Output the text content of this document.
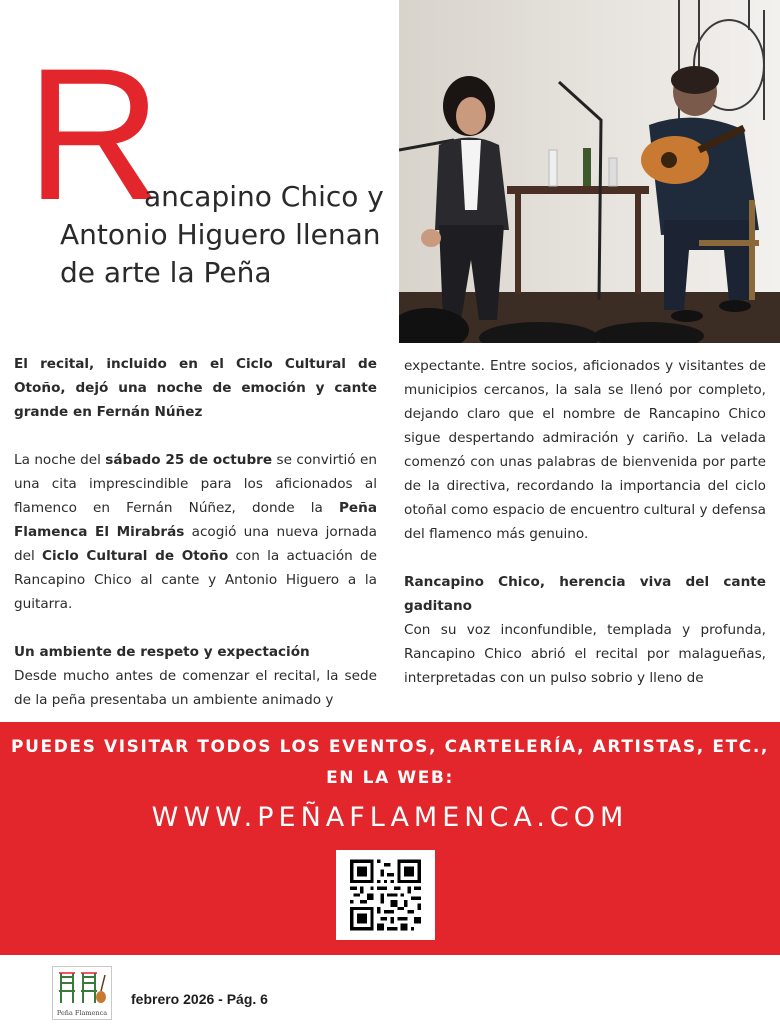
R
ancapino Chico y
Antonio Higuero llenan
de arte la Peña

El recital, incluido en el Ciclo Cultural de Otoño, dejó una noche de emoción y cante grande en Fernán Núñez

La noche del sábado 25 de octubre se convirtió en una cita imprescindible para los aficionados al flamenco en Fernán Núñez, donde la Peña Flamenca El Mirabrás acogió una nueva jornada del Ciclo Cultural de Otoño con la actuación de Rancapino Chico al cante y Antonio Higuero a la guitarra.

Un ambiente de respeto y expectación

Desde mucho antes de comenzar el recital, la sede de la peña presentaba un ambiente animado y

expectante. Entre socios, aficionados y visitantes de municipios cercanos, la sala se llenó por completo, dejando claro que el nombre de Rancapino Chico sigue despertando admiración y cariño. La velada comenzó con unas palabras de bienvenida por parte de la directiva, recordando la importancia del ciclo otoñal como espacio de encuentro cultural y defensa del flamenco más genuino.

Rancapino Chico, herencia viva del cante gaditano

Con su voz inconfundible, templada y profunda, Rancapino Chico abrió el recital por malagueñas, interpretadas con un pulso sobrio y lleno de

PUEDES VISITAR TODOS LOS EVENTOS, CARTELERÍA, ARTISTAS, ETC.,
EN LA WEB:
WWW.PEÑAFLAMENCA.COM
Peña Flamenca
febrero 2026 - Pág. 6
